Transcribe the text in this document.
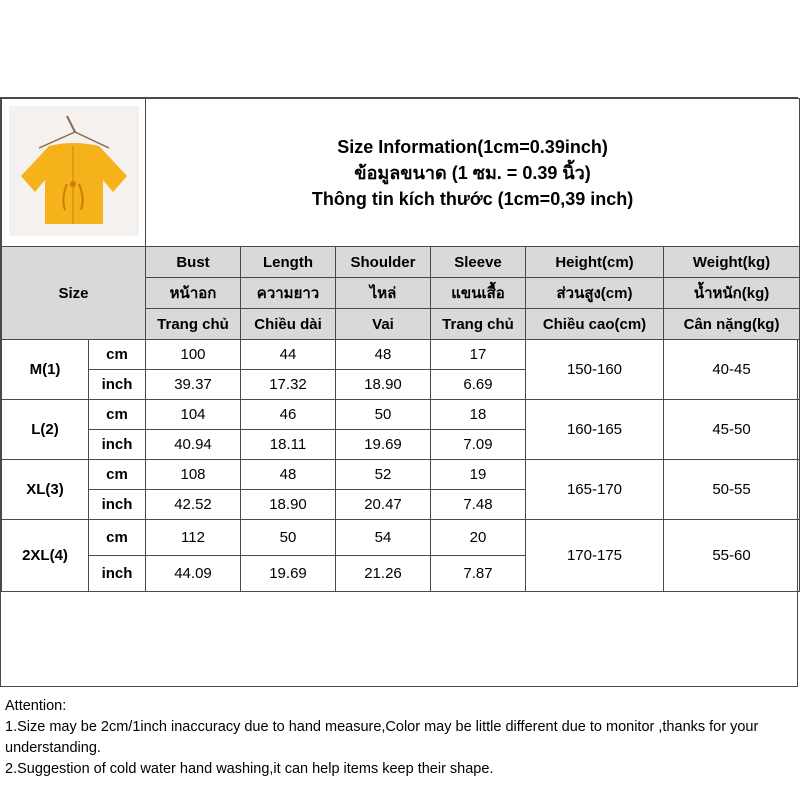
Size Information(1cm=0.39inch)
ข้อมูลขนาด (1 ซม. = 0.39 นิ้ว)
Thông tin kích thước (1cm=0,39 inch)					

Size		Bust	Length	Shoulder	Sleeve	Height(cm)	Weight(kg)
		หน้าอก	ความยาว	ไหล่	แขนเสื้อ	ส่วนสูง(cm)	น้ำหนัก(kg)
		Trang chủ	Chiều dài	Vai	Trang chủ	Chiều cao(cm)	Cân nặng(kg)
M(1)	cm	100	44	48	17	150-160	40-45
	inch	39.37	17.32	18.90	6.69		
L(2)	cm	104	46	50	18	160-165	45-50
	inch	40.94	18.11	19.69	7.09		
XL(3)	cm	108	48	52	19	165-170	50-55
	inch	42.52	18.90	20.47	7.48		
2XL(4)	cm	112	50	54	20	170-175	55-60
	inch	44.09	19.69	21.26	7.87		
Attention:
1.Size may be 2cm/1inch inaccuracy due to hand measure,Color may be little different due to monitor ,thanks for your understanding.
2.Suggestion of cold water hand washing,it can help items keep their shape.
